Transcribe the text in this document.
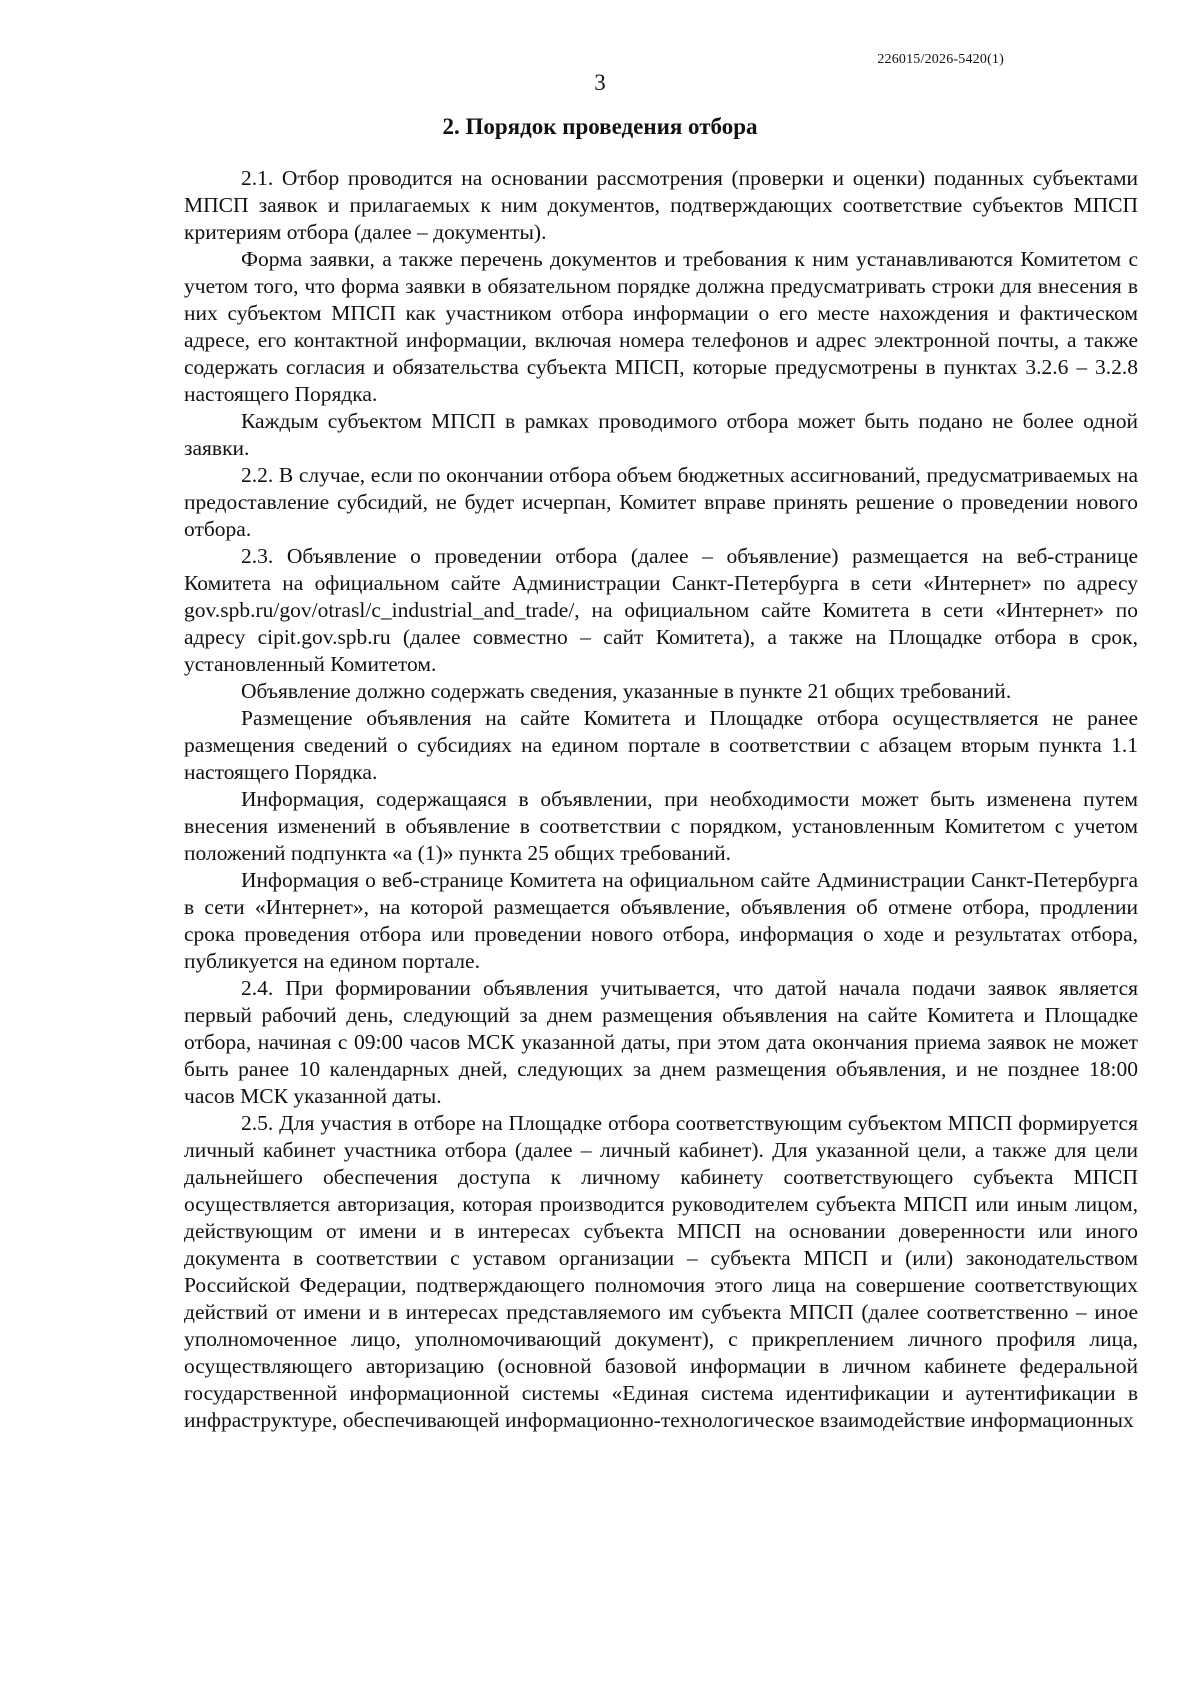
226015/2026-5420(1)
3
2. Порядок проведения отбора

2.1. Отбор проводится на основании рассмотрения (проверки и оценки) поданных субъектами МПСП заявок и прилагаемых к ним документов, подтверждающих соответствие субъектов МПСП критериям отбора (далее – документы).

Форма заявки, а также перечень документов и требования к ним устанавливаются Комитетом с учетом того, что форма заявки в обязательном порядке должна предусматривать строки для внесения в них субъектом МПСП как участником отбора информации о его месте нахождения и фактическом адресе, его контактной информации, включая номера телефонов и адрес электронной почты, а также содержать согласия и обязательства субъекта МПСП, которые предусмотрены в пунктах 3.2.6 – 3.2.8 настоящего Порядка.

Каждым субъектом МПСП в рамках проводимого отбора может быть подано не более одной заявки.

2.2. В случае, если по окончании отбора объем бюджетных ассигнований, предусматриваемых на предоставление субсидий, не будет исчерпан, Комитет вправе принять решение о проведении нового отбора.

2.3. Объявление о проведении отбора (далее – объявление) размещается на веб-странице Комитета на официальном сайте Администрации Санкт-Петербурга в сети «Интернет» по адресу gov.spb.ru/gov/otrasl/c_industrial_and_trade/, на официальном сайте Комитета в сети «Интернет» по адресу cipit.gov.spb.ru (далее совместно – сайт Комитета), а также на Площадке отбора в срок, установленный Комитетом.

Объявление должно содержать сведения, указанные в пункте 21 общих требований.

Размещение объявления на сайте Комитета и Площадке отбора осуществляется не ранее размещения сведений о субсидиях на едином портале в соответствии с абзацем вторым пункта 1.1 настоящего Порядка.

Информация, содержащаяся в объявлении, при необходимости может быть изменена путем внесения изменений в объявление в соответствии с порядком, установленным Комитетом с учетом положений подпункта «а (1)» пункта 25 общих требований.

Информация о веб-странице Комитета на официальном сайте Администрации Санкт-Петербурга в сети «Интернет», на которой размещается объявление, объявления об отмене отбора, продлении срока проведения отбора или проведении нового отбора, информация о ходе и результатах отбора, публикуется на едином портале.

2.4. При формировании объявления учитывается, что датой начала подачи заявок является первый рабочий день, следующий за днем размещения объявления на сайте Комитета и Площадке отбора, начиная с 09:00 часов МСК указанной даты, при этом дата окончания приема заявок не может быть ранее 10 календарных дней, следующих за днем размещения объявления, и не позднее 18:00 часов МСК указанной даты.

2.5. Для участия в отборе на Площадке отбора соответствующим субъектом МПСП формируется личный кабинет участника отбора (далее – личный кабинет). Для указанной цели, а также для цели дальнейшего обеспечения доступа к личному кабинету соответствующего субъекта МПСП осуществляется авторизация, которая производится руководителем субъекта МПСП или иным лицом, действующим от имени и в интересах субъекта МПСП на основании доверенности или иного документа в соответствии с уставом организации – субъекта МПСП и (или) законодательством Российской Федерации, подтверждающего полномочия этого лица на совершение соответствующих действий от имени и в интересах представляемого им субъекта МПСП (далее соответственно – иное уполномоченное лицо, уполномочивающий документ), с прикреплением личного профиля лица, осуществляющего авторизацию (основной базовой информации в личном кабинете федеральной государственной информационной системы «Единая система идентификации и аутентификации в инфраструктуре, обеспечивающей информационно-технологическое взаимодействие информационных
